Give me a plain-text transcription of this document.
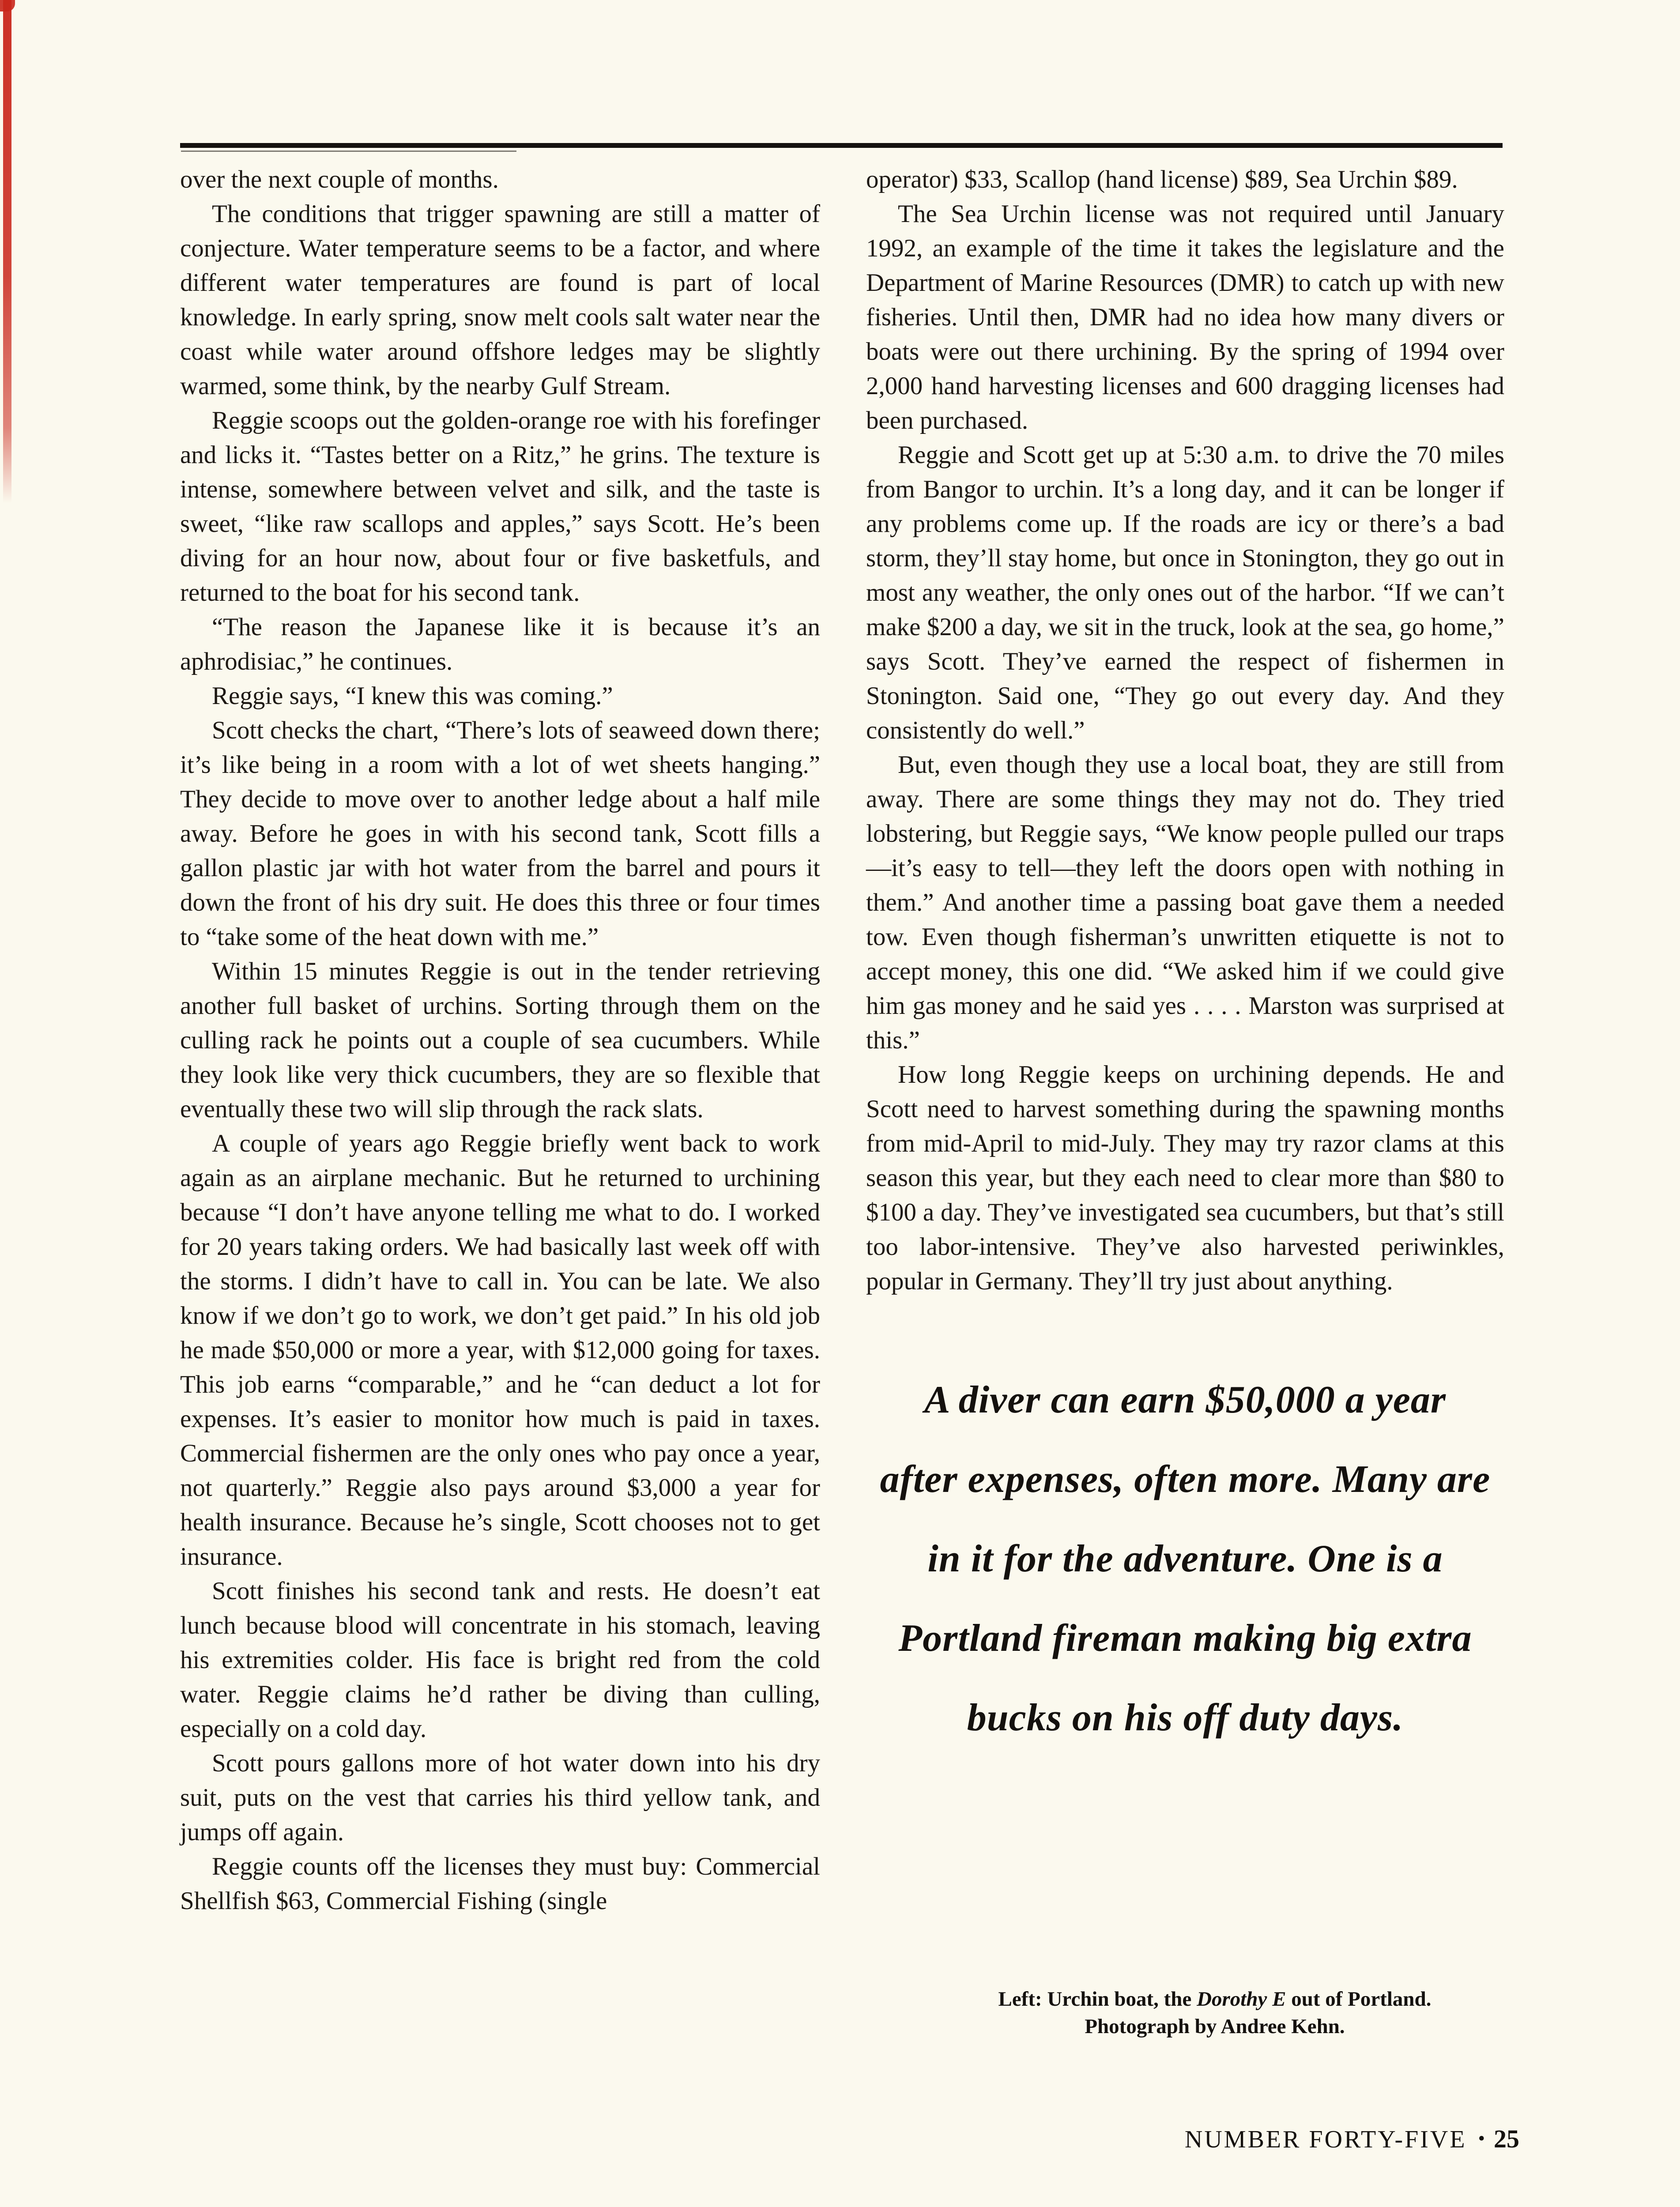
over the next couple of months.

The conditions that trigger spawning are still a matter of conjecture. Water temperature seems to be a factor, and where different water temperatures are found is part of local knowledge. In early spring, snow melt cools salt water near the coast while water around offshore ledges may be slightly warmed, some think, by the nearby Gulf Stream.

Reggie scoops out the golden-orange roe with his forefinger and licks it. “Tastes better on a Ritz,” he grins. The texture is intense, somewhere between velvet and silk, and the taste is sweet, “like raw scallops and apples,” says Scott. He’s been diving for an hour now, about four or five basketfuls, and returned to the boat for his second tank.

“The reason the Japanese like it is because it’s an aphrodisiac,” he continues.

Reggie says, “I knew this was coming.”

Scott checks the chart, “There’s lots of seaweed down there; it’s like being in a room with a lot of wet sheets hanging.” They decide to move over to another ledge about a half mile away. Before he goes in with his second tank, Scott fills a gallon plastic jar with hot water from the barrel and pours it down the front of his dry suit. He does this three or four times to “take some of the heat down with me.”

Within 15 minutes Reggie is out in the tender retrieving another full basket of urchins. Sorting through them on the culling rack he points out a couple of sea cucumbers. While they look like very thick cucumbers, they are so flexible that eventually these two will slip through the rack slats.

A couple of years ago Reggie briefly went back to work again as an airplane mechanic. But he returned to urchining because “I don’t have anyone telling me what to do. I worked for 20 years taking orders. We had basically last week off with the storms. I didn’t have to call in. You can be late. We also know if we don’t go to work, we don’t get paid.” In his old job he made $50,000 or more a year, with $12,000 going for taxes. This job earns “comparable,” and he “can deduct a lot for expenses. It’s easier to monitor how much is paid in taxes. Commercial fishermen are the only ones who pay once a year, not quarterly.” Reggie also pays around $3,000 a year for health insurance. Because he’s single, Scott chooses not to get insurance.

Scott finishes his second tank and rests. He doesn’t eat lunch because blood will concentrate in his stomach, leaving his extremities colder. His face is bright red from the cold water. Reggie claims he’d rather be diving than culling, especially on a cold day.

Scott pours gallons more of hot water down into his dry suit, puts on the vest that carries his third yellow tank, and jumps off again.

Reggie counts off the licenses they must buy: Commercial Shellfish $63, Commercial Fishing (single

operator) $33, Scallop (hand license) $89, Sea Urchin $89.

The Sea Urchin license was not required until January 1992, an example of the time it takes the legislature and the Department of Marine Resources (DMR) to catch up with new fisheries. Until then, DMR had no idea how many divers or boats were out there urchining. By the spring of 1994 over 2,000 hand harvesting licenses and 600 dragging licenses had been purchased.

Reggie and Scott get up at 5:30 a.m. to drive the 70 miles from Bangor to urchin. It’s a long day, and it can be longer if any problems come up. If the roads are icy or there’s a bad storm, they’ll stay home, but once in Stonington, they go out in most any weather, the only ones out of the harbor. “If we can’t make $200 a day, we sit in the truck, look at the sea, go home,” says Scott. They’ve earned the respect of fishermen in Stonington. Said one, “They go out every day. And they consistently do well.”

But, even though they use a local boat, they are still from away. There are some things they may not do. They tried lobstering, but Reggie says, “We know people pulled our traps—it’s easy to tell—they left the doors open with nothing in them.” And another time a passing boat gave them a needed tow. Even though fisherman’s unwritten etiquette is not to accept money, this one did. “We asked him if we could give him gas money and he said yes . . . . Marston was surprised at this.”

How long Reggie keeps on urchining depends. He and Scott need to harvest something during the spawning months from mid-April to mid-July. They may try razor clams at this season this year, but they each need to clear more than $80 to $100 a day. They’ve investigated sea cucumbers, but that’s still too labor-intensive. They’ve also harvested periwinkles, popular in Germany. They’ll try just about anything.

A diver can earn $50,000 a year
after expenses, often more. Many are
in it for the adventure. One is a
Portland fireman making big extra
bucks on his off duty days.
Left: Urchin boat, the Dorothy E out of Portland.
Photograph by Andree Kehn.
NUMBER FORTY-FIVE • 25
